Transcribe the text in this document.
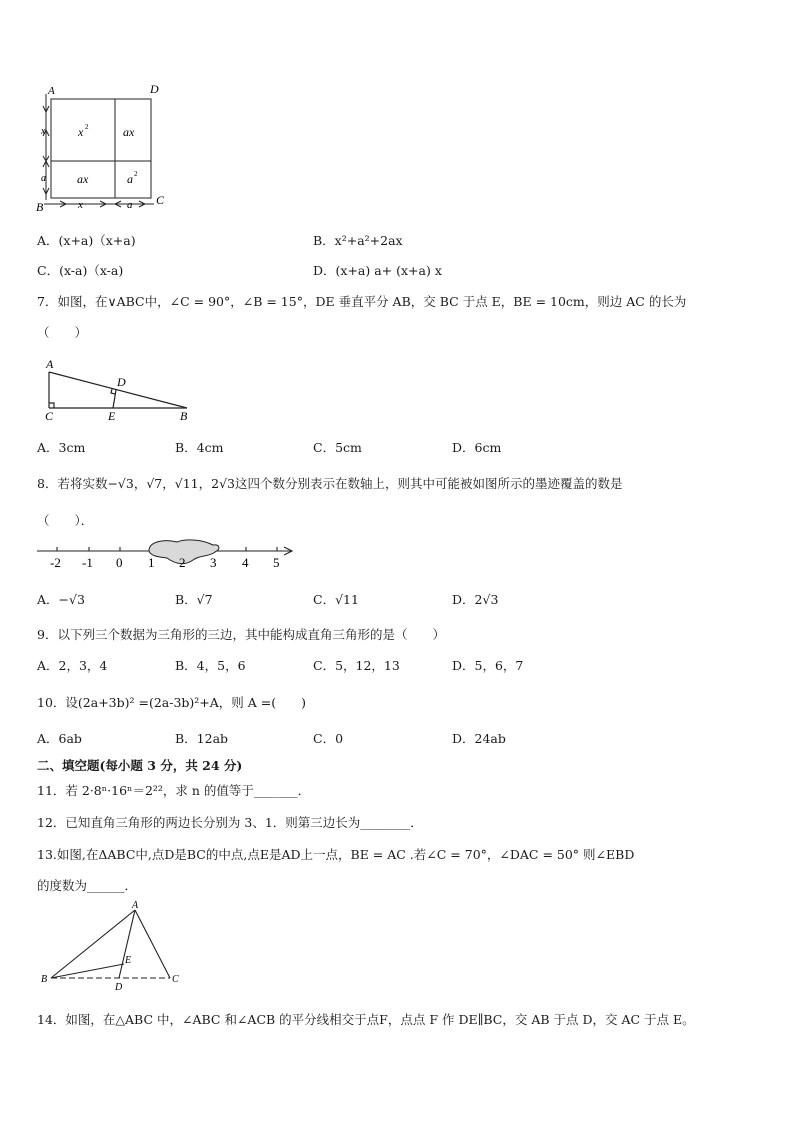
A	D
B	C
x 2	ax
ax	a 2
x
a
x	a
A．(x+a)（x+a)	B．x²+a²+2ax
C．(x-a)（x-a)	D．(x+a) a+ (x+a) x
7．如图，在∨ABC中，∠C = 90°，∠B = 15°，DE 垂直平分 AB，交 BC 于点 E，BE = 10cm，则边 AC 的长为
（　　）
A
D
C	E	B
A．3cm	B．4cm	C．5cm	D．6cm
8．若将实数−√3，√7，√11，2√3这四个数分别表示在数轴上，则其中可能被如图所示的墨迹覆盖的数是
（　　）．
-2 -1 0 1 2 3 4 5
A．−√3	B．√7	C．√11	D．2√3
9．以下列三个数据为三角形的三边，其中能构成直角三角形的是（　　）
A．2，3，4	B．4，5，6	C．5，12，13	D．5，6，7
10．设(2a+3b)² =(2a-3b)²+A，则 A =(　　)
A．6ab	B．12ab	C．0	D．24ab
二、填空题(每小题 3 分，共 24 分)
11．若 2·8ⁿ·16ⁿ＝2²²，求 n 的值等于_______．
12．已知直角三角形的两边长分别为 3、1．则第三边长为________．
13.如图,在ΔABC中,点D是BC的中点,点E是AD上一点，BE = AC .若∠C = 70°，∠DAC = 50° 则∠EBD
的度数为______．
A
B	C
D
E
14．如图，在△ABC 中，∠ABC 和∠ACB 的平分线相交于点F，点点 F 作 DE∥BC，交 AB 于点 D，交 AC 于点 E。
